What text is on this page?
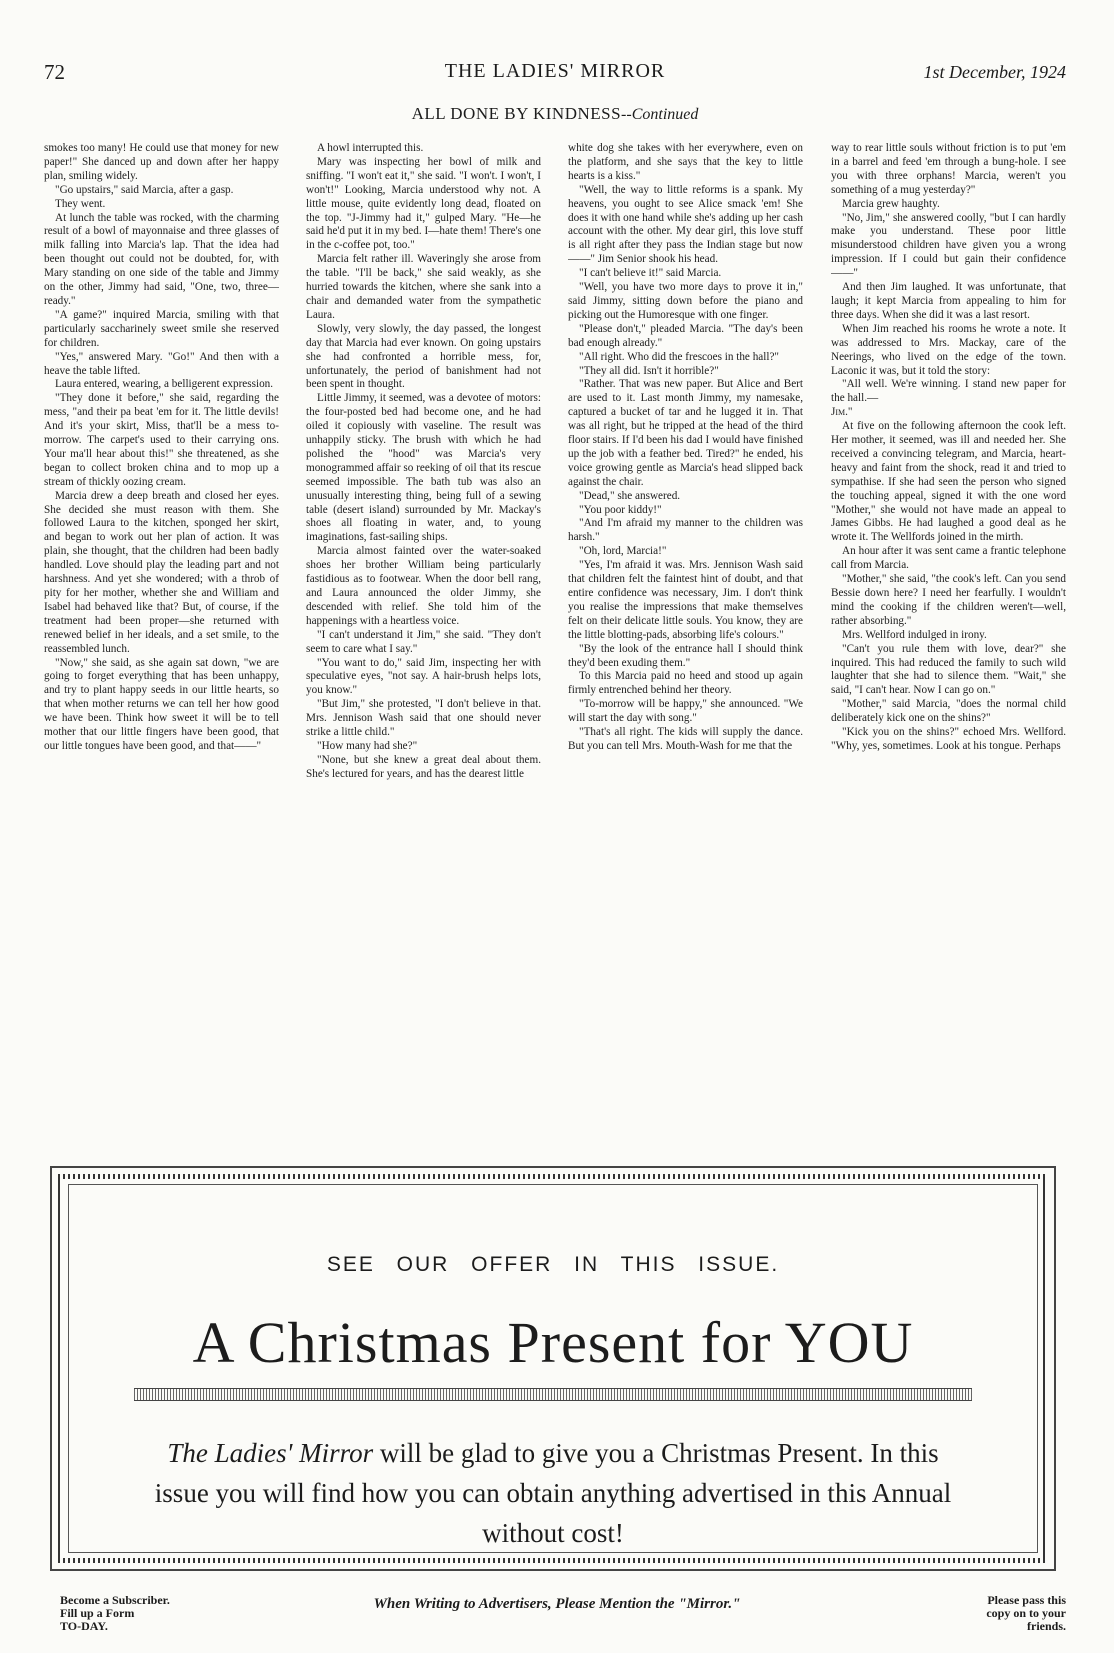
72	THE LADIES' MIRROR	1st December, 1924
ALL DONE BY KINDNESS--Continued

smokes too many! He could use that money for new paper!" She danced up and down after her happy plan, smiling widely.

"Go upstairs," said Marcia, after a gasp.

They went.

At lunch the table was rocked, with the charming result of a bowl of mayonnaise and three glasses of milk falling into Marcia's lap. That the idea had been thought out could not be doubted, for, with Mary standing on one side of the table and Jimmy on the other, Jimmy had said, "One, two, three—ready."

"A game?" inquired Marcia, smiling with that particularly saccharinely sweet smile she reserved for children.

"Yes," answered Mary. "Go!" And then with a heave the table lifted.

Laura entered, wearing, a belligerent expression.

"They done it before," she said, regarding the mess, "and their pa beat 'em for it. The little devils! And it's your skirt, Miss, that'll be a mess to-morrow. The carpet's used to their carrying ons. Your ma'll hear about this!" she threatened, as she began to collect broken china and to mop up a stream of thickly oozing cream.

Marcia drew a deep breath and closed her eyes. She decided she must reason with them. She followed Laura to the kitchen, sponged her skirt, and began to work out her plan of action. It was plain, she thought, that the children had been badly handled. Love should play the leading part and not harshness. And yet she wondered; with a throb of pity for her mother, whether she and William and Isabel had behaved like that? But, of course, if the treatment had been proper—she returned with renewed belief in her ideals, and a set smile, to the reassembled lunch.

"Now," she said, as she again sat down, "we are going to forget everything that has been unhappy, and try to plant happy seeds in our little hearts, so that when mother returns we can tell her how good we have been. Think how sweet it will be to tell mother that our little fingers have been good, that our little tongues have been good, and that——"

A howl interrupted this.

Mary was inspecting her bowl of milk and sniffing. "I won't eat it," she said. "I won't. I won't, I won't!" Looking, Marcia understood why not. A little mouse, quite evidently long dead, floated on the top. "J-Jimmy had it," gulped Mary. "He—he said he'd put it in my bed. I—hate them! There's one in the c-coffee pot, too."

Marcia felt rather ill. Waveringly she arose from the table. "I'll be back," she said weakly, as she hurried towards the kitchen, where she sank into a chair and demanded water from the sympathetic Laura.

Slowly, very slowly, the day passed, the longest day that Marcia had ever known. On going upstairs she had confronted a horrible mess, for, unfortunately, the period of banishment had not been spent in thought.

Little Jimmy, it seemed, was a devotee of motors: the four-posted bed had become one, and he had oiled it copiously with vaseline. The result was unhappily sticky. The brush with which he had polished the "hood" was Marcia's very monogrammed affair so reeking of oil that its rescue seemed impossible. The bath tub was also an unusually interesting thing, being full of a sewing table (desert island) surrounded by Mr. Mackay's shoes all floating in water, and, to young imaginations, fast-sailing ships.

Marcia almost fainted over the water-soaked shoes her brother William being particularly fastidious as to footwear. When the door bell rang, and Laura announced the older Jimmy, she descended with relief. She told him of the happenings with a heartless voice.

"I can't understand it Jim," she said. "They don't seem to care what I say."

"You want to do," said Jim, inspecting her with speculative eyes, "not say. A hair-brush helps lots, you know."

"But Jim," she protested, "I don't believe in that. Mrs. Jennison Wash said that one should never strike a little child."

"How many had she?"

"None, but she knew a great deal about them. She's lectured for years, and has the dearest little

white dog she takes with her everywhere, even on the platform, and she says that the key to little hearts is a kiss."

"Well, the way to little reforms is a spank. My heavens, you ought to see Alice smack 'em! She does it with one hand while she's adding up her cash account with the other. My dear girl, this love stuff is all right after they pass the Indian stage but now——" Jim Senior shook his head.

"I can't believe it!" said Marcia.

"Well, you have two more days to prove it in," said Jimmy, sitting down before the piano and picking out the Humoresque with one finger.

"Please don't," pleaded Marcia. "The day's been bad enough already."

"All right. Who did the frescoes in the hall?"

"They all did. Isn't it horrible?"

"Rather. That was new paper. But Alice and Bert are used to it. Last month Jimmy, my namesake, captured a bucket of tar and he lugged it in. That was all right, but he tripped at the head of the third floor stairs. If I'd been his dad I would have finished up the job with a feather bed. Tired?" he ended, his voice growing gentle as Marcia's head slipped back against the chair.

"Dead," she answered.

"You poor kiddy!"

"And I'm afraid my manner to the children was harsh."

"Oh, lord, Marcia!"

"Yes, I'm afraid it was. Mrs. Jennison Wash said that children felt the faintest hint of doubt, and that entire confidence was necessary, Jim. I don't think you realise the impressions that make themselves felt on their delicate little souls. You know, they are the little blotting-pads, absorbing life's colours."

"By the look of the entrance hall I should think they'd been exuding them."

To this Marcia paid no heed and stood up again firmly entrenched behind her theory.

"To-morrow will be happy," she announced. "We will start the day with song."

"That's all right. The kids will supply the dance. But you can tell Mrs. Mouth-Wash for me that the

way to rear little souls without friction is to put 'em in a barrel and feed 'em through a bung-hole. I see you with three orphans! Marcia, weren't you something of a mug yesterday?"

Marcia grew haughty.

"No, Jim," she answered coolly, "but I can hardly make you understand. These poor little misunderstood children have given you a wrong impression. If I could but gain their confidence——"

And then Jim laughed. It was unfortunate, that laugh; it kept Marcia from appealing to him for three days. When she did it was a last resort.

When Jim reached his rooms he wrote a note. It was addressed to Mrs. Mackay, care of the Neerings, who lived on the edge of the town. Laconic it was, but it told the story:

"All well. We're winning. I stand new paper for the hall.—

Jim."

At five on the following afternoon the cook left. Her mother, it seemed, was ill and needed her. She received a convincing telegram, and Marcia, heart-heavy and faint from the shock, read it and tried to sympathise. If she had seen the person who signed the touching appeal, signed it with the one word "Mother," she would not have made an appeal to James Gibbs. He had laughed a good deal as he wrote it. The Wellfords joined in the mirth.

An hour after it was sent came a frantic telephone call from Marcia.

"Mother," she said, "the cook's left. Can you send Bessie down here? I need her fearfully. I wouldn't mind the cooking if the children weren't—well, rather absorbing."

Mrs. Wellford indulged in irony.

"Can't you rule them with love, dear?" she inquired. This had reduced the family to such wild laughter that she had to silence them. "Wait," she said, "I can't hear. Now I can go on."

"Mother," said Marcia, "does the normal child deliberately kick one on the shins?"

"Kick you on the shins?" echoed Mrs. Wellford. "Why, yes, sometimes. Look at his tongue. Perhaps

SEE OUR OFFER IN THIS ISSUE.
A Christmas Present for YOU
The Ladies' Mirror will be glad to give you a Christmas Present. In this issue you will find how you can obtain anything advertised in this Annual without cost!
Become a Subscriber.
Fill up a Form
TO-DAY.
When Writing to Advertisers, Please Mention the "Mirror."	Please pass this
copy on to your
friends.
